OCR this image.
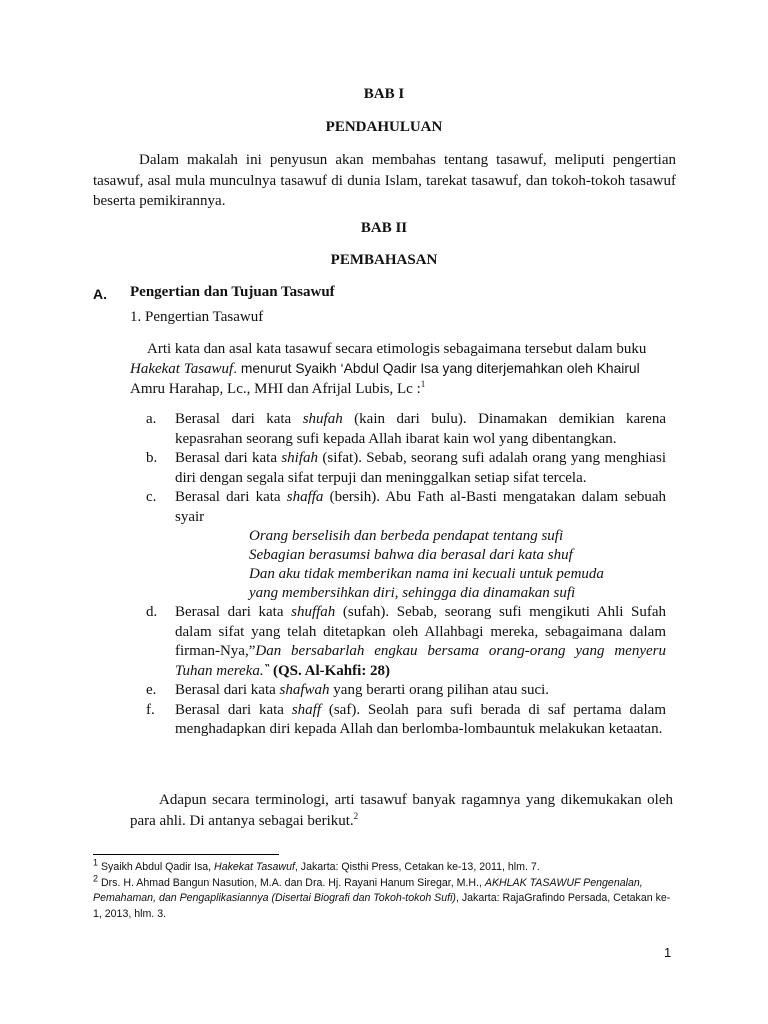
BAB I
PENDAHULUAN
Dalam makalah ini penyusun akan membahas tentang tasawuf, meliputi pengertian tasawuf, asal mula munculnya tasawuf di dunia Islam, tarekat tasawuf, dan tokoh-tokoh tasawuf beserta pemikirannya.
BAB II
PEMBAHASAN
A. Pengertian dan Tujuan Tasawuf
1. Pengertian Tasawuf
Arti kata dan asal kata tasawuf secara etimologis sebagaimana tersebut dalam buku
Hakekat Tasawuf. menurut Syaikh ‘Abdul Qadir Isa yang diterjemahkan oleh Khairul
Amru Harahap, Lc., MHI dan Afrijal Lubis, Lc :$^1$
a. Berasal dari kata shufah (kain dari bulu). Dinamakan demikian karena kepasrahan seorang sufi kepada Allah ibarat kain wol yang dibentangkan.
b. Berasal dari kata shifah (sifat). Sebab, seorang sufi adalah orang yang menghiasi diri dengan segala sifat terpuji dan meninggalkan setiap sifat tercela.
c. Berasal dari kata shaffa (bersih). Abu Fath al-Basti mengatakan dalam sebuah syair
Orang berselisih dan berbeda pendapat tentang sufi
Sebagian berasumsi bahwa dia berasal dari kata shuf
Dan aku tidak memberikan nama ini kecuali untuk pemuda
yang membersihkan diri, sehingga dia dinamakan sufi
d. Berasal dari kata shuffah (sufah). Sebab, seorang sufi mengikuti Ahli Sufah dalam sifat yang telah ditetapkan oleh Allahbagi mereka, sebagaimana dalam firman-Nya,”Dan bersabarlah engkau bersama orang-orang yang menyeru Tuhan mereka.‶ (QS. Al-Kahfi: 28)
e. Berasal dari kata shafwah yang berarti orang pilihan atau suci.
f. Berasal dari kata shaff (saf). Seolah para sufi berada di saf pertama dalam menghadapkan diri kepada Allah dan berlomba-lombauntuk melakukan ketaatan.
Adapun secara terminologi, arti tasawuf banyak ragamnya yang dikemukakan oleh para ahli. Di antanya sebagai berikut.$^2$
$^1$ Syaikh Abdul Qadir Isa, Hakekat Tasawuf, Jakarta: Qisthi Press, Cetakan ke-13, 2011, hlm. 7.
$^2$ Drs. H. Ahmad Bangun Nasution, M.A. dan Dra. Hj. Rayani Hanum Siregar, M.H., AKHLAK TASAWUF Pengenalan, Pemahaman, dan Pengaplikasiannya (Disertai Biografi dan Tokoh-tokoh Sufi), Jakarta: RajaGrafindo Persada, Cetakan ke-1, 2013, hlm. 3.
1
